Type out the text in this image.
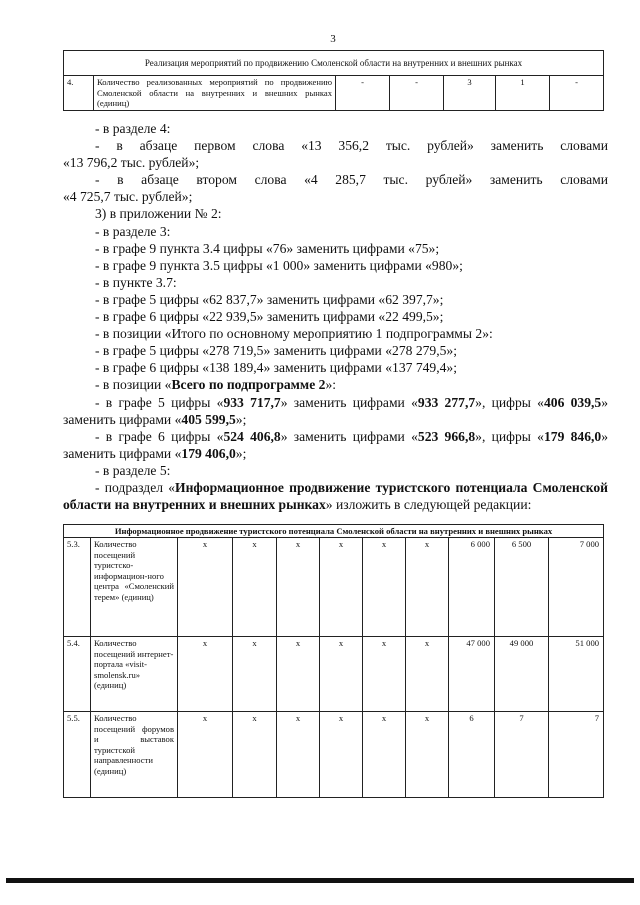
3
Реализация мероприятий по продвижению Смоленской области на внутренних и внешних рынках
4.	Количество реализованных мероприятий по продвижению Смоленской области на внутренних и внешних рынках (единиц)	-	-	3	1	-

- в разделе 4:

- в абзаце первом слова «13 356,2 тыс. рублей» заменить словами

«13 796,2 тыс. рублей»;

- в абзаце втором слова «4 285,7 тыс. рублей» заменить словами

«4 725,7 тыс. рублей»;

3) в приложении № 2:

- в разделе 3:

- в графе 9 пункта 3.4 цифры «76» заменить цифрами «75»;

- в графе 9 пункта 3.5 цифры «1 000» заменить цифрами «980»;

- в пункте 3.7:

- в графе 5 цифры «62 837,7» заменить цифрами «62 397,7»;

- в графе 6 цифры «22 939,5» заменить цифрами «22 499,5»;

- в позиции «Итого по основному мероприятию 1 подпрограммы 2»:

- в графе 5 цифры «278 719,5» заменить цифрами «278 279,5»;

- в графе 6 цифры «138 189,4» заменить цифрами «137 749,4»;

- в позиции «Всего по подпрограмме 2»:

- в графе 5 цифры «933 717,7» заменить цифрами «933 277,7», цифры «406 039,5» заменить цифрами «405 599,5»;

- в графе 6 цифры «524 406,8» заменить цифрами «523 966,8», цифры «179 846,0» заменить цифрами «179 406,0»;

- в разделе 5:

- подраздел «Информационное продвижение туристского потенциала Смоленской области на внутренних и внешних рынках» изложить в следующей редакции:

Информационное продвижение туристского потенциала Смоленской области на внутренних и внешних рынках										
5.3.	Количество посещений туристско-информацион-ного центра «Смоленский терем» (единиц)	х	х	х	х	х	х	6 000	6 500	7 000
5.4.	Количество посещений интернет-портала «visit-smolensk.ru» (единиц)	х	х	х	х	х	х	47 000	49 000	51 000
5.5.	Количество посещений форумов и выставок туристской направленности (единиц)	х	х	х	х	х	х	6	7	7
